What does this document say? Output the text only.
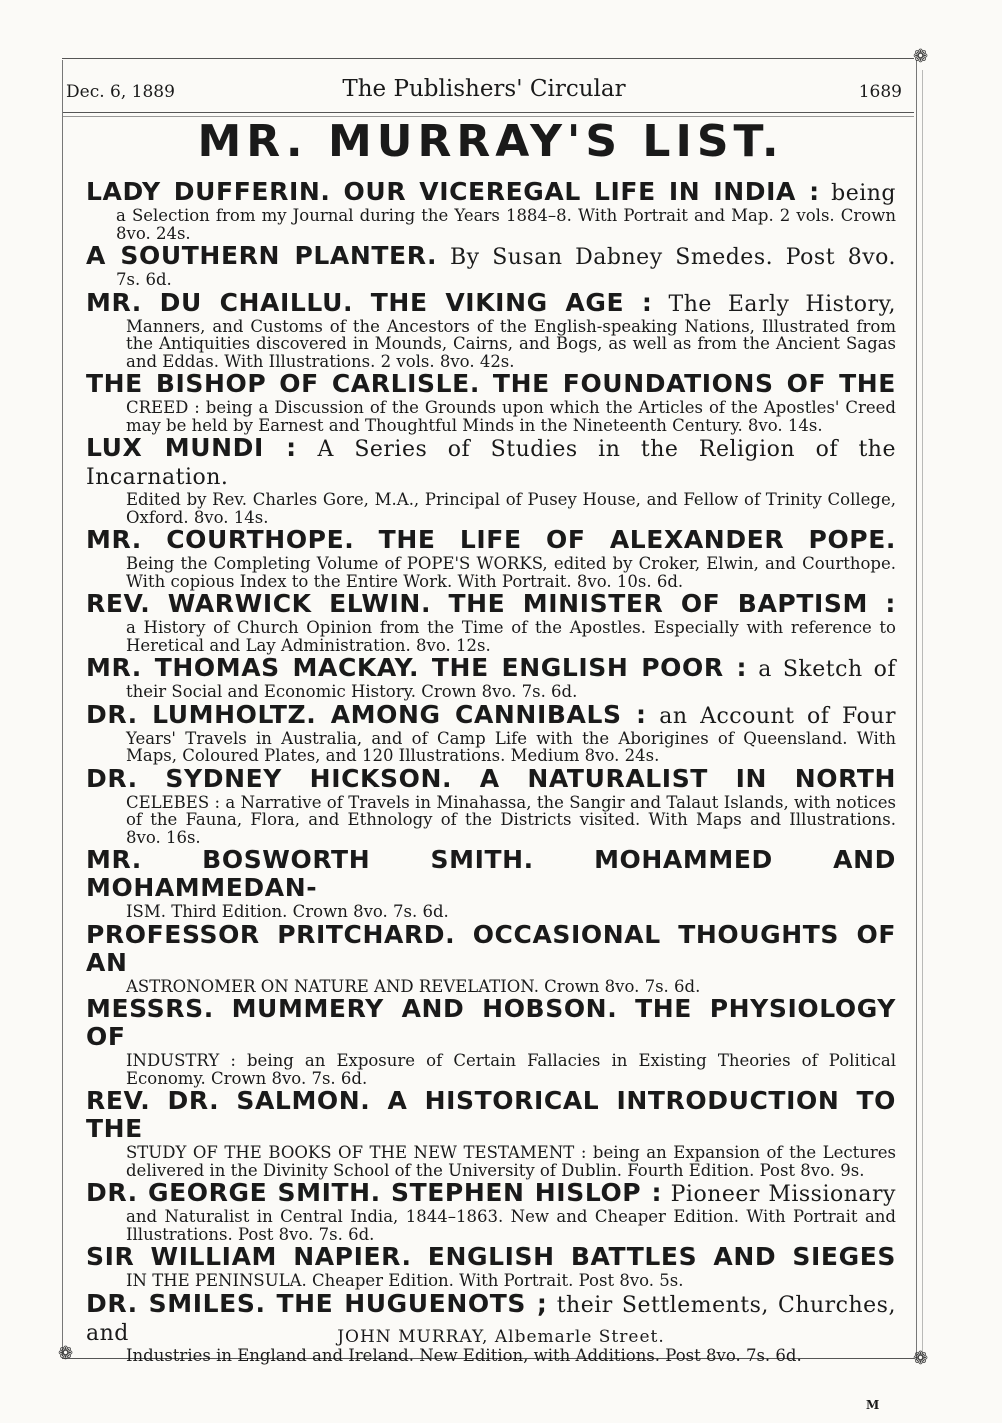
❁
❁
❁
Dec. 6, 1889	The Publishers' Circular	1689
MR. MURRAY'S LIST.
LADY DUFFERIN. OUR VICEREGAL LIFE IN INDIA : being
a Selection from my Journal during the Years 1884–8. With Portrait and Map. 2 vols. Crown 8vo. 24s.
A SOUTHERN PLANTER. By Susan Dabney Smedes. Post 8vo.
7s. 6d.
MR. DU CHAILLU. THE VIKING AGE : The Early History,
Manners, and Customs of the Ancestors of the English-speaking Nations, Illustrated from the Antiquities discovered in Mounds, Cairns, and Bogs, as well as from the Ancient Sagas and Eddas. With Illustrations. 2 vols. 8vo. 42s.
THE BISHOP OF CARLISLE. THE FOUNDATIONS OF THE
CREED : being a Discussion of the Grounds upon which the Articles of the Apostles' Creed may be held by Earnest and Thoughtful Minds in the Nineteenth Century. 8vo. 14s.
LUX MUNDI : A Series of Studies in the Religion of the Incarnation.
Edited by Rev. Charles Gore, M.A., Principal of Pusey House, and Fellow of Trinity College, Oxford. 8vo. 14s.
MR. COURTHOPE. THE LIFE OF ALEXANDER POPE.
Being the Completing Volume of POPE'S WORKS, edited by Croker, Elwin, and Courthope. With copious Index to the Entire Work. With Portrait. 8vo. 10s. 6d.
REV. WARWICK ELWIN. THE MINISTER OF BAPTISM :
a History of Church Opinion from the Time of the Apostles. Especially with reference to Heretical and Lay Administration. 8vo. 12s.
MR. THOMAS MACKAY. THE ENGLISH POOR : a Sketch of
their Social and Economic History. Crown 8vo. 7s. 6d.
DR. LUMHOLTZ. AMONG CANNIBALS : an Account of Four
Years' Travels in Australia, and of Camp Life with the Aborigines of Queensland. With Maps, Coloured Plates, and 120 Illustrations. Medium 8vo. 24s.
DR. SYDNEY HICKSON. A NATURALIST IN NORTH
CELEBES : a Narrative of Travels in Minahassa, the Sangir and Talaut Islands, with notices of the Fauna, Flora, and Ethnology of the Districts visited. With Maps and Illustrations. 8vo. 16s.
MR. BOSWORTH SMITH. MOHAMMED AND MOHAMMEDAN-
ISM. Third Edition. Crown 8vo. 7s. 6d.
PROFESSOR PRITCHARD. OCCASIONAL THOUGHTS OF AN
ASTRONOMER ON NATURE AND REVELATION. Crown 8vo. 7s. 6d.
MESSRS. MUMMERY AND HOBSON. THE PHYSIOLOGY OF
INDUSTRY : being an Exposure of Certain Fallacies in Existing Theories of Political Economy. Crown 8vo. 7s. 6d.
REV. DR. SALMON. A HISTORICAL INTRODUCTION TO THE
STUDY OF THE BOOKS OF THE NEW TESTAMENT : being an Expansion of the Lectures delivered in the Divinity School of the University of Dublin. Fourth Edition. Post 8vo. 9s.
DR. GEORGE SMITH. STEPHEN HISLOP : Pioneer Missionary
and Naturalist in Central India, 1844–1863. New and Cheaper Edition. With Portrait and Illustrations. Post 8vo. 7s. 6d.
SIR WILLIAM NAPIER. ENGLISH BATTLES AND SIEGES
IN THE PENINSULA. Cheaper Edition. With Portrait. Post 8vo. 5s.
DR. SMILES. THE HUGUENOTS ; their Settlements, Churches, and
Industries in England and Ireland. New Edition, with Additions. Post 8vo. 7s. 6d.
JOHN MURRAY, Albemarle Street.
M
